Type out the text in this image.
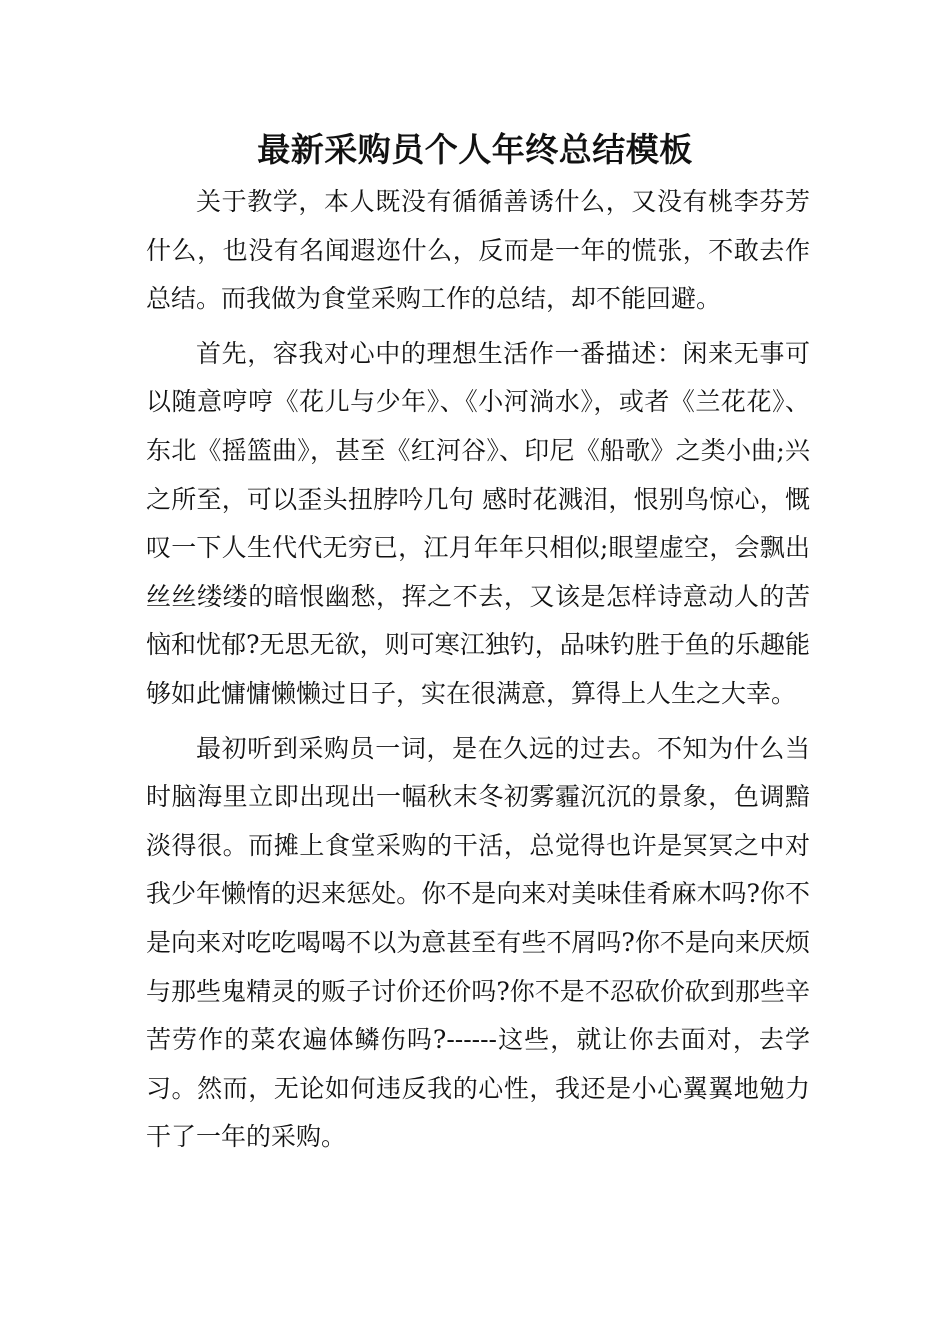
最新采购员个人年终总结模板

关于教学，本人既没有循循善诱什么，又没有桃李芬芳什么，也没有名闻遐迩什么，反而是一年的慌张，不敢去作总结。而我做为食堂采购工作的总结，却不能回避。

首先，容我对心中的理想生活作一番描述：闲来无事可以随意哼哼《花儿与少年》、《小河淌水》，或者《兰花花》、东北《摇篮曲》，甚至《红河谷》、印尼《船歌》之类小曲;兴之所至，可以歪头扭脖吟几句 感时花溅泪，恨别鸟惊心，慨叹一下人生代代无穷已，江月年年只相似;眼望虚空，会飘出丝丝缕缕的暗恨幽愁，挥之不去，又该是怎样诗意动人的苦恼和忧郁?无思无欲，则可寒江独钓，品味钓胜于鱼的乐趣能够如此慵慵懒懒过日子，实在很满意，算得上人生之大幸。

最初听到采购员一词，是在久远的过去。不知为什么当时脑海里立即出现出一幅秋末冬初雾霾沉沉的景象，色调黯淡得很。而摊上食堂采购的干活，总觉得也许是冥冥之中对我少年懒惰的迟来惩处。你不是向来对美味佳肴麻木吗?你不是向来对吃吃喝喝不以为意甚至有些不屑吗?你不是向来厌烦与那些鬼精灵的贩子讨价还价吗?你不是不忍砍价砍到那些辛苦劳作的菜农遍体鳞伤吗?------这些，就让你去面对，去学习。然而，无论如何违反我的心性，我还是小心翼翼地勉力干了一年的采购。
